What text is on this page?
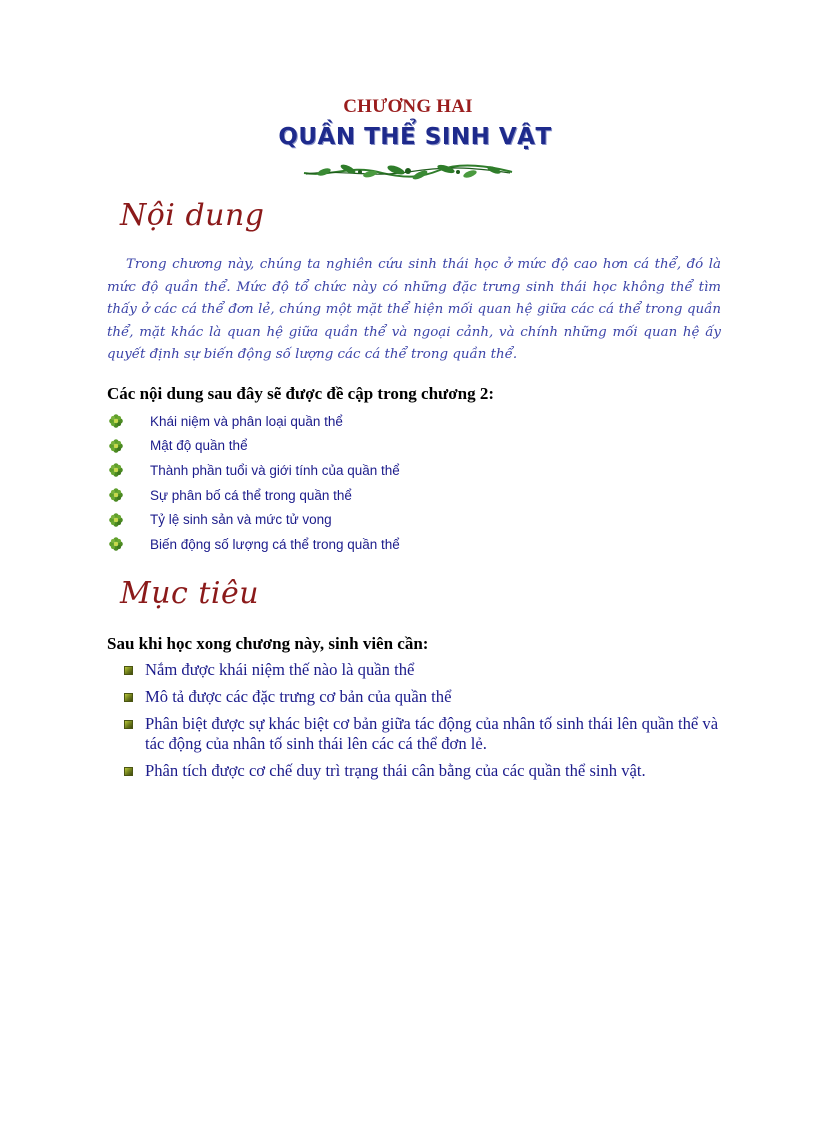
CHƯƠNG HAI
QUẦN THỂ SINH VẬT
Nội dung

Trong chương này, chúng ta nghiên cứu sinh thái học ở mức độ cao hơn cá thể, đó là mức độ quần thể. Mức độ tổ chức này có những đặc trưng sinh thái học không thể tìm thấy ở các cá thể đơn lẻ, chúng một mặt thể hiện mối quan hệ giữa các cá thể trong quần thể, mặt khác là quan hệ giữa quần thể và ngoại cảnh, và chính những mối quan hệ ấy quyết định sự biến động số lượng các cá thể trong quần thể.

Các nội dung sau đây sẽ được đề cập trong chương 2:
Khái niệm và phân loại quần thể
Mật độ quần thể
Thành phần tuổi và giới tính của quần thể
Sự phân bố cá thể trong quần thể
Tỷ lệ sinh sản và mức tử vong
Biến động số lượng cá thể trong quần thể
Mục tiêu
Sau khi học xong chương này, sinh viên cần:
Nắm được khái niệm thế nào là quần thể
Mô tả được các đặc trưng cơ bản của quần thể
Phân biệt được sự khác biệt cơ bản giữa tác động của nhân tố sinh thái lên quần thể và tác động của nhân tố sinh thái lên các cá thể đơn lẻ.
Phân tích được cơ chế duy trì trạng thái cân bằng của các quần thể sinh vật.
